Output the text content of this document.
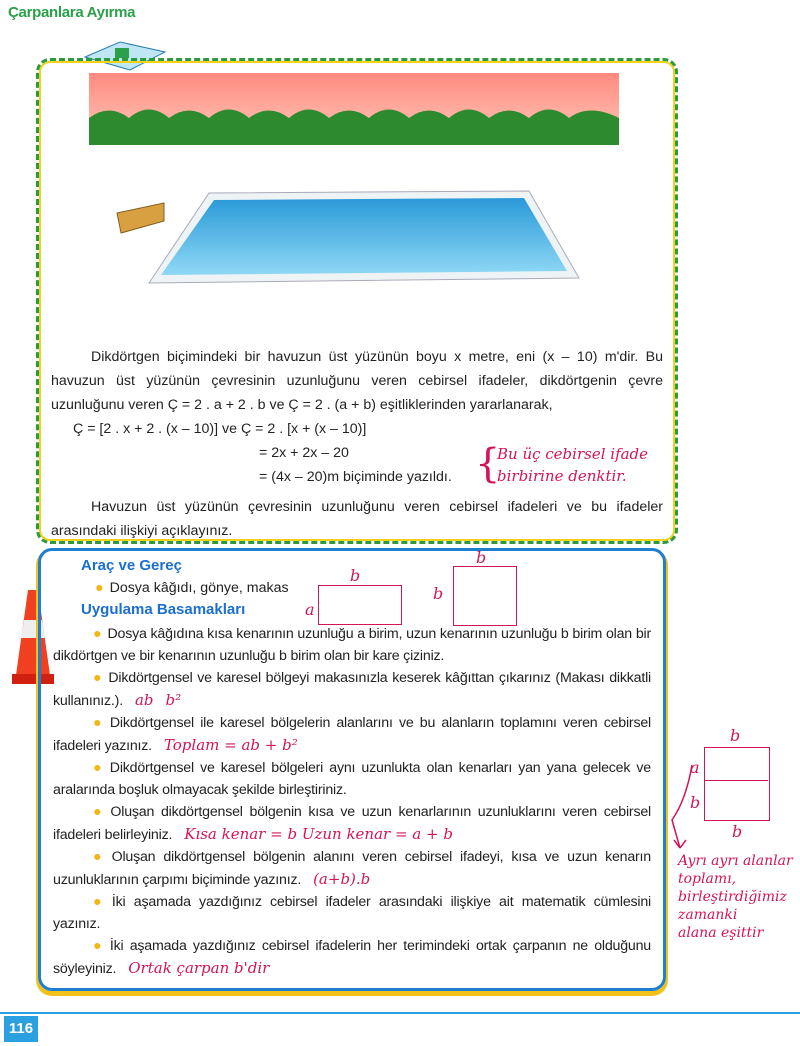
Çarpanlara Ayırma
Dikdörtgen biçimindeki bir havuzun üst yüzünün boyu x metre, eni (x – 10) m'dir. Bu havuzun üst yüzünün çevresinin uzunluğunu veren cebirsel ifadeler, dikdörtgenin çevre uzunluğunu veren Ç = 2 . a + 2 . b ve Ç = 2 . (a + b) eşitliklerinden yararlanarak,
Ç = [2 . x + 2 . (x – 10)] ve Ç = 2 . [x + (x – 10)]
= 2x + 2x – 20
= (4x – 20)m biçiminde yazıldı.
Havuzun üst yüzünün çevresinin uzunluğunu veren cebirsel ifadeleri ve bu ifadeler arasındaki ilişkiyi açıklayınız.
{
Bu üç cebirsel ifade
birbirine denktir.
Araç ve Gereç
● Dosya kâğıdı, gönye, makas
Uygulama Basamakları
● Dosya kâğıdına kısa kenarının uzunluğu a birim, uzun kenarının uzunluğu b birim olan bir dikdörtgen ve bir kenarının uzunluğu b birim olan bir kare çiziniz.
● Dikdörtgensel ve karesel bölgeyi makasınızla keserek kâğıttan çıkarınız (Makası dikkatli kullanınız.). ab b²
● Dikdörtgensel ile karesel bölgelerin alanlarını ve bu alanların toplamını veren cebirsel ifadeleri yazınız. Toplam = ab + b²
● Dikdörtgensel ve karesel bölgeleri aynı uzunlukta olan kenarları yan yana gelecek ve aralarında boşluk olmayacak şekilde birleştiriniz.
● Oluşan dikdörtgensel bölgenin kısa ve uzun kenarlarının uzunluklarını veren cebirsel ifadeleri belirleyiniz. Kısa kenar = b Uzun kenar = a + b
● Oluşan dikdörtgensel bölgenin alanını veren cebirsel ifadeyi, kısa ve uzun kenarın uzunluklarının çarpımı biçiminde yazınız. (a+b).b
● İki aşamada yazdığınız cebirsel ifadeler arasındaki ilişkiye ait matematik cümlesini yazınız.
● İki aşamada yazdığınız cebirsel ifadelerin her terimindeki ortak çarpanın ne olduğunu söyleyiniz. Ortak çarpan b'dir
b
a
b
b
b
a
b
b
Ayrı ayrı alanlar toplamı,
birleştirdiğimiz zamanki
alana eşittir
116
